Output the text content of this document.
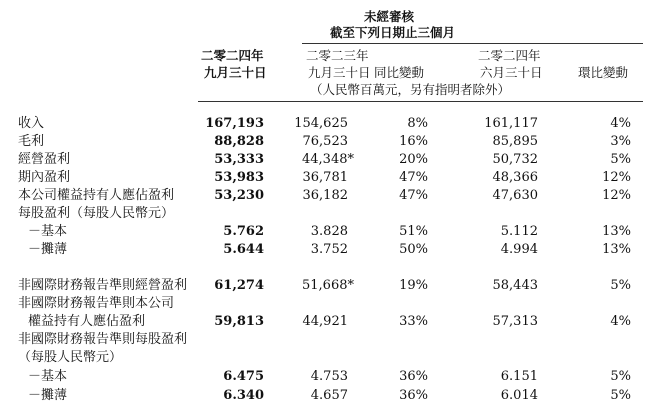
未經審核
截至下列日期止三個月
二零二四年
九月三十日
二零二三年
九月三十日 同比變動
二零二四年
六月三十日	環比變動
（人民幣百萬元，另有指明者除外）
收入	167,193 154,625	8%	161,117	4%
毛利	88,828	76,523	16%	85,895	3%
經營盈利	53,333	44,348*	20%	50,732	5%
期內盈利	53,983	36,781	47%	48,366	12%
本公司權益持有人應佔盈利	53,230	36,182	47%	47,630	12%
每股盈利（每股人民幣元）
－基本	5.762	3.828	51%	5.112	13%
－攤薄	5.644	3.752	50%	4.994	13%
非國際財務報告準則經營盈利 61,274	51,668*	19%	58,443	5%
非國際財務報告準則本公司
權益持有人應佔盈利	59,813	44,921	33%	57,313	4%
非國際財務報告準則每股盈利
（每股人民幣元）
－基本	6.475	4.753	36%	6.151	5%
－攤薄	6.340	4.657	36%	6.014	5%
